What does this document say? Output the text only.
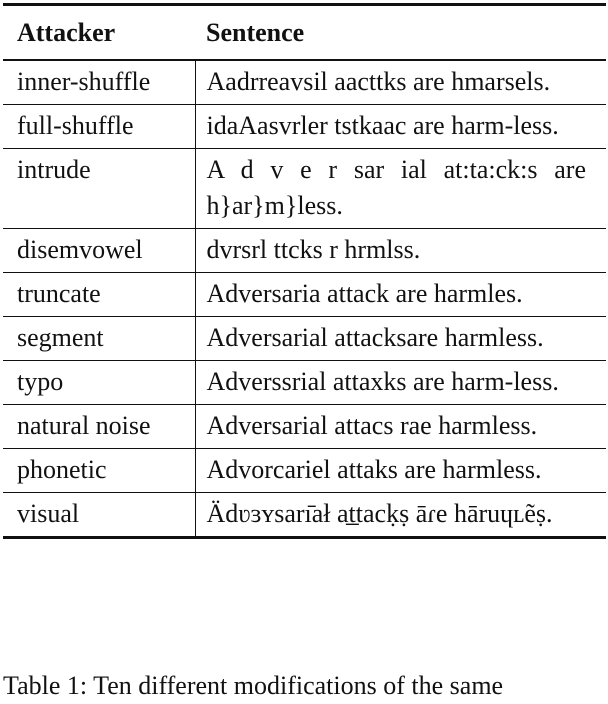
Attacker	Sentence
inner-shuffle	Aadrreavsil aacttks are hmarsels.
full-shuffle	idaAasvrler tstkaac are harm-less.
intrude	A d v e r sar ial at:ta:ck:s are h}ar}m}less.
disemvowel	dvrsrl ttcks r hrmlss.
truncate	Adversaria attack are harmles.
segment	Adversarial attacksare harmless.
typo	Adverssrial attaxks are harm-less.
natural noise	Adversarial attacs rae harmless.
phonetic	Advorcariel attaks are harmless.
visual	Ädʋɜʏsarı̄ał at̲tacḳṣ āɾe hāruɥʟẽṣ.
Table 1: Ten different modifications of the same
